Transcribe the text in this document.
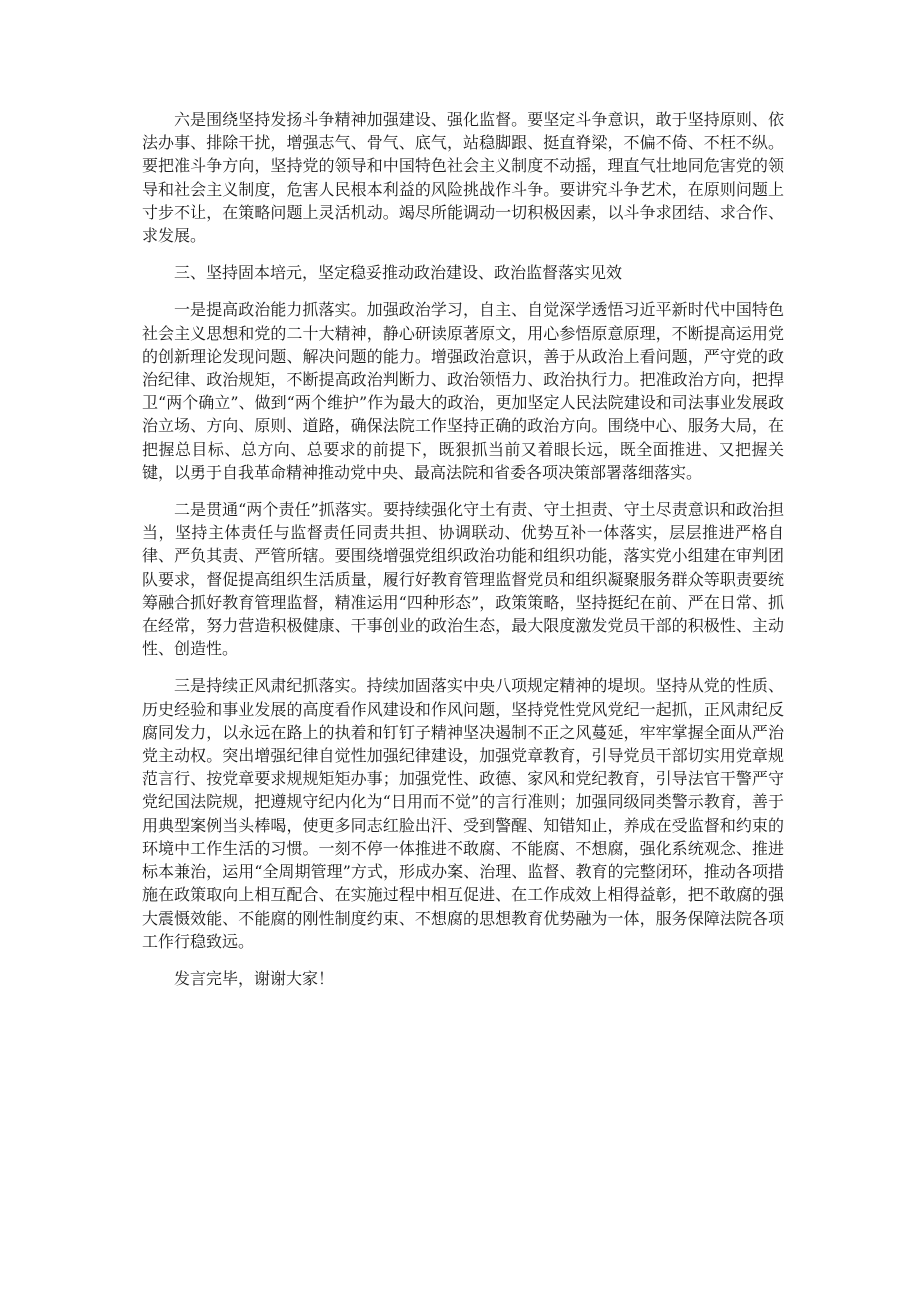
六是围绕坚持发扬斗争精神加强建设、强化监督。要坚定斗争意识，敢于坚持原则、依法办事、排除干扰，增强志气、骨气、底气，站稳脚跟、挺直脊梁，不偏不倚、不枉不纵。要把准斗争方向，坚持党的领导和中国特色社会主义制度不动摇，理直气壮地同危害党的领导和社会主义制度，危害人民根本利益的风险挑战作斗争。要讲究斗争艺术，在原则问题上寸步不让，在策略问题上灵活机动。竭尽所能调动一切积极因素，以斗争求团结、求合作、求发展。

三、坚持固本培元，坚定稳妥推动政治建设、政治监督落实见效

一是提高政治能力抓落实。加强政治学习，自主、自觉深学透悟习近平新时代中国特色社会主义思想和党的二十大精神，静心研读原著原文，用心参悟原意原理，不断提高运用党的创新理论发现问题、解决问题的能力。增强政治意识，善于从政治上看问题，严守党的政治纪律、政治规矩，不断提高政治判断力、政治领悟力、政治执行力。把准政治方向，把捍卫“两个确立”、做到“两个维护”作为最大的政治，更加坚定人民法院建设和司法事业发展政治立场、方向、原则、道路，确保法院工作坚持正确的政治方向。围绕中心、服务大局，在把握总目标、总方向、总要求的前提下，既狠抓当前又着眼长远，既全面推进、又把握关键，以勇于自我革命精神推动党中央、最高法院和省委各项决策部署落细落实。

二是贯通“两个责任”抓落实。要持续强化守土有责、守土担责、守土尽责意识和政治担当，坚持主体责任与监督责任同责共担、协调联动、优势互补一体落实，层层推进严格自律、严负其责、严管所辖。要围绕增强党组织政治功能和组织功能，落实党小组建在审判团队要求，督促提高组织生活质量，履行好教育管理监督党员和组织凝聚服务群众等职责要统筹融合抓好教育管理监督，精准运用“四种形态”，政策策略，坚持挺纪在前、严在日常、抓在经常，努力营造积极健康、干事创业的政治生态，最大限度激发党员干部的积极性、主动性、创造性。

三是持续正风肃纪抓落实。持续加固落实中央八项规定精神的堤坝。坚持从党的性质、历史经验和事业发展的高度看作风建设和作风问题，坚持党性党风党纪一起抓，正风肃纪反腐同发力，以永远在路上的执着和钉钉子精神坚决遏制不正之风蔓延，牢牢掌握全面从严治党主动权。突出增强纪律自觉性加强纪律建设，加强党章教育，引导党员干部切实用党章规范言行、按党章要求规规矩矩办事；加强党性、政德、家风和党纪教育，引导法官干警严守党纪国法院规，把遵规守纪内化为“日用而不觉”的言行准则；加强同级同类警示教育，善于用典型案例当头棒喝，使更多同志红脸出汗、受到警醒、知错知止，养成在受监督和约束的环境中工作生活的习惯。一刻不停一体推进不敢腐、不能腐、不想腐，强化系统观念、推进标本兼治，运用“全周期管理”方式，形成办案、治理、监督、教育的完整闭环，推动各项措施在政策取向上相互配合、在实施过程中相互促进、在工作成效上相得益彰，把不敢腐的强大震慑效能、不能腐的刚性制度约束、不想腐的思想教育优势融为一体，服务保障法院各项工作行稳致远。

发言完毕，谢谢大家！
